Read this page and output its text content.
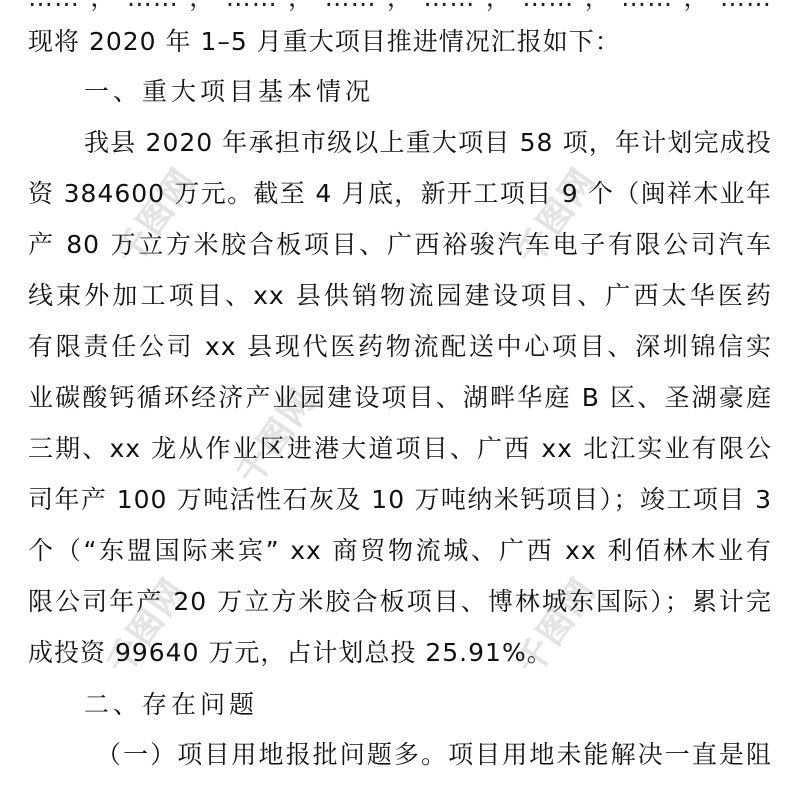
千图网	千图网
千图网
千图网	千图网
现将 2020 年 1–5 月重大项目推进情况汇报如下：
一、重大项目基本情况
我县 2020 年承担市级以上重大项目 58 项，年计划完成投
资 384600 万元。截至 4 月底，新开工项目 9 个（闽祥木业年
产 80 万立方米胶合板项目、广西裕骏汽车电子有限公司汽车
线束外加工项目、xx 县供销物流园建设项目、广西太华医药
有限责任公司 xx 县现代医药物流配送中心项目、深圳锦信实
业碳酸钙循环经济产业园建设项目、湖畔华庭 B 区、圣湖豪庭
三期、xx 龙从作业区进港大道项目、广西 xx 北江实业有限公
司年产 100 万吨活性石灰及 10 万吨纳米钙项目）；竣工项目 3
个（“东盟国际来宾” xx 商贸物流城、广西 xx 利佰林木业有
限公司年产 20 万立方米胶合板项目、博林城东国际）；累计完
成投资 99640 万元，占计划总投 25.91%。
二、存在问题
（一）项目用地报批问题多。项目用地未能解决一直是阻
